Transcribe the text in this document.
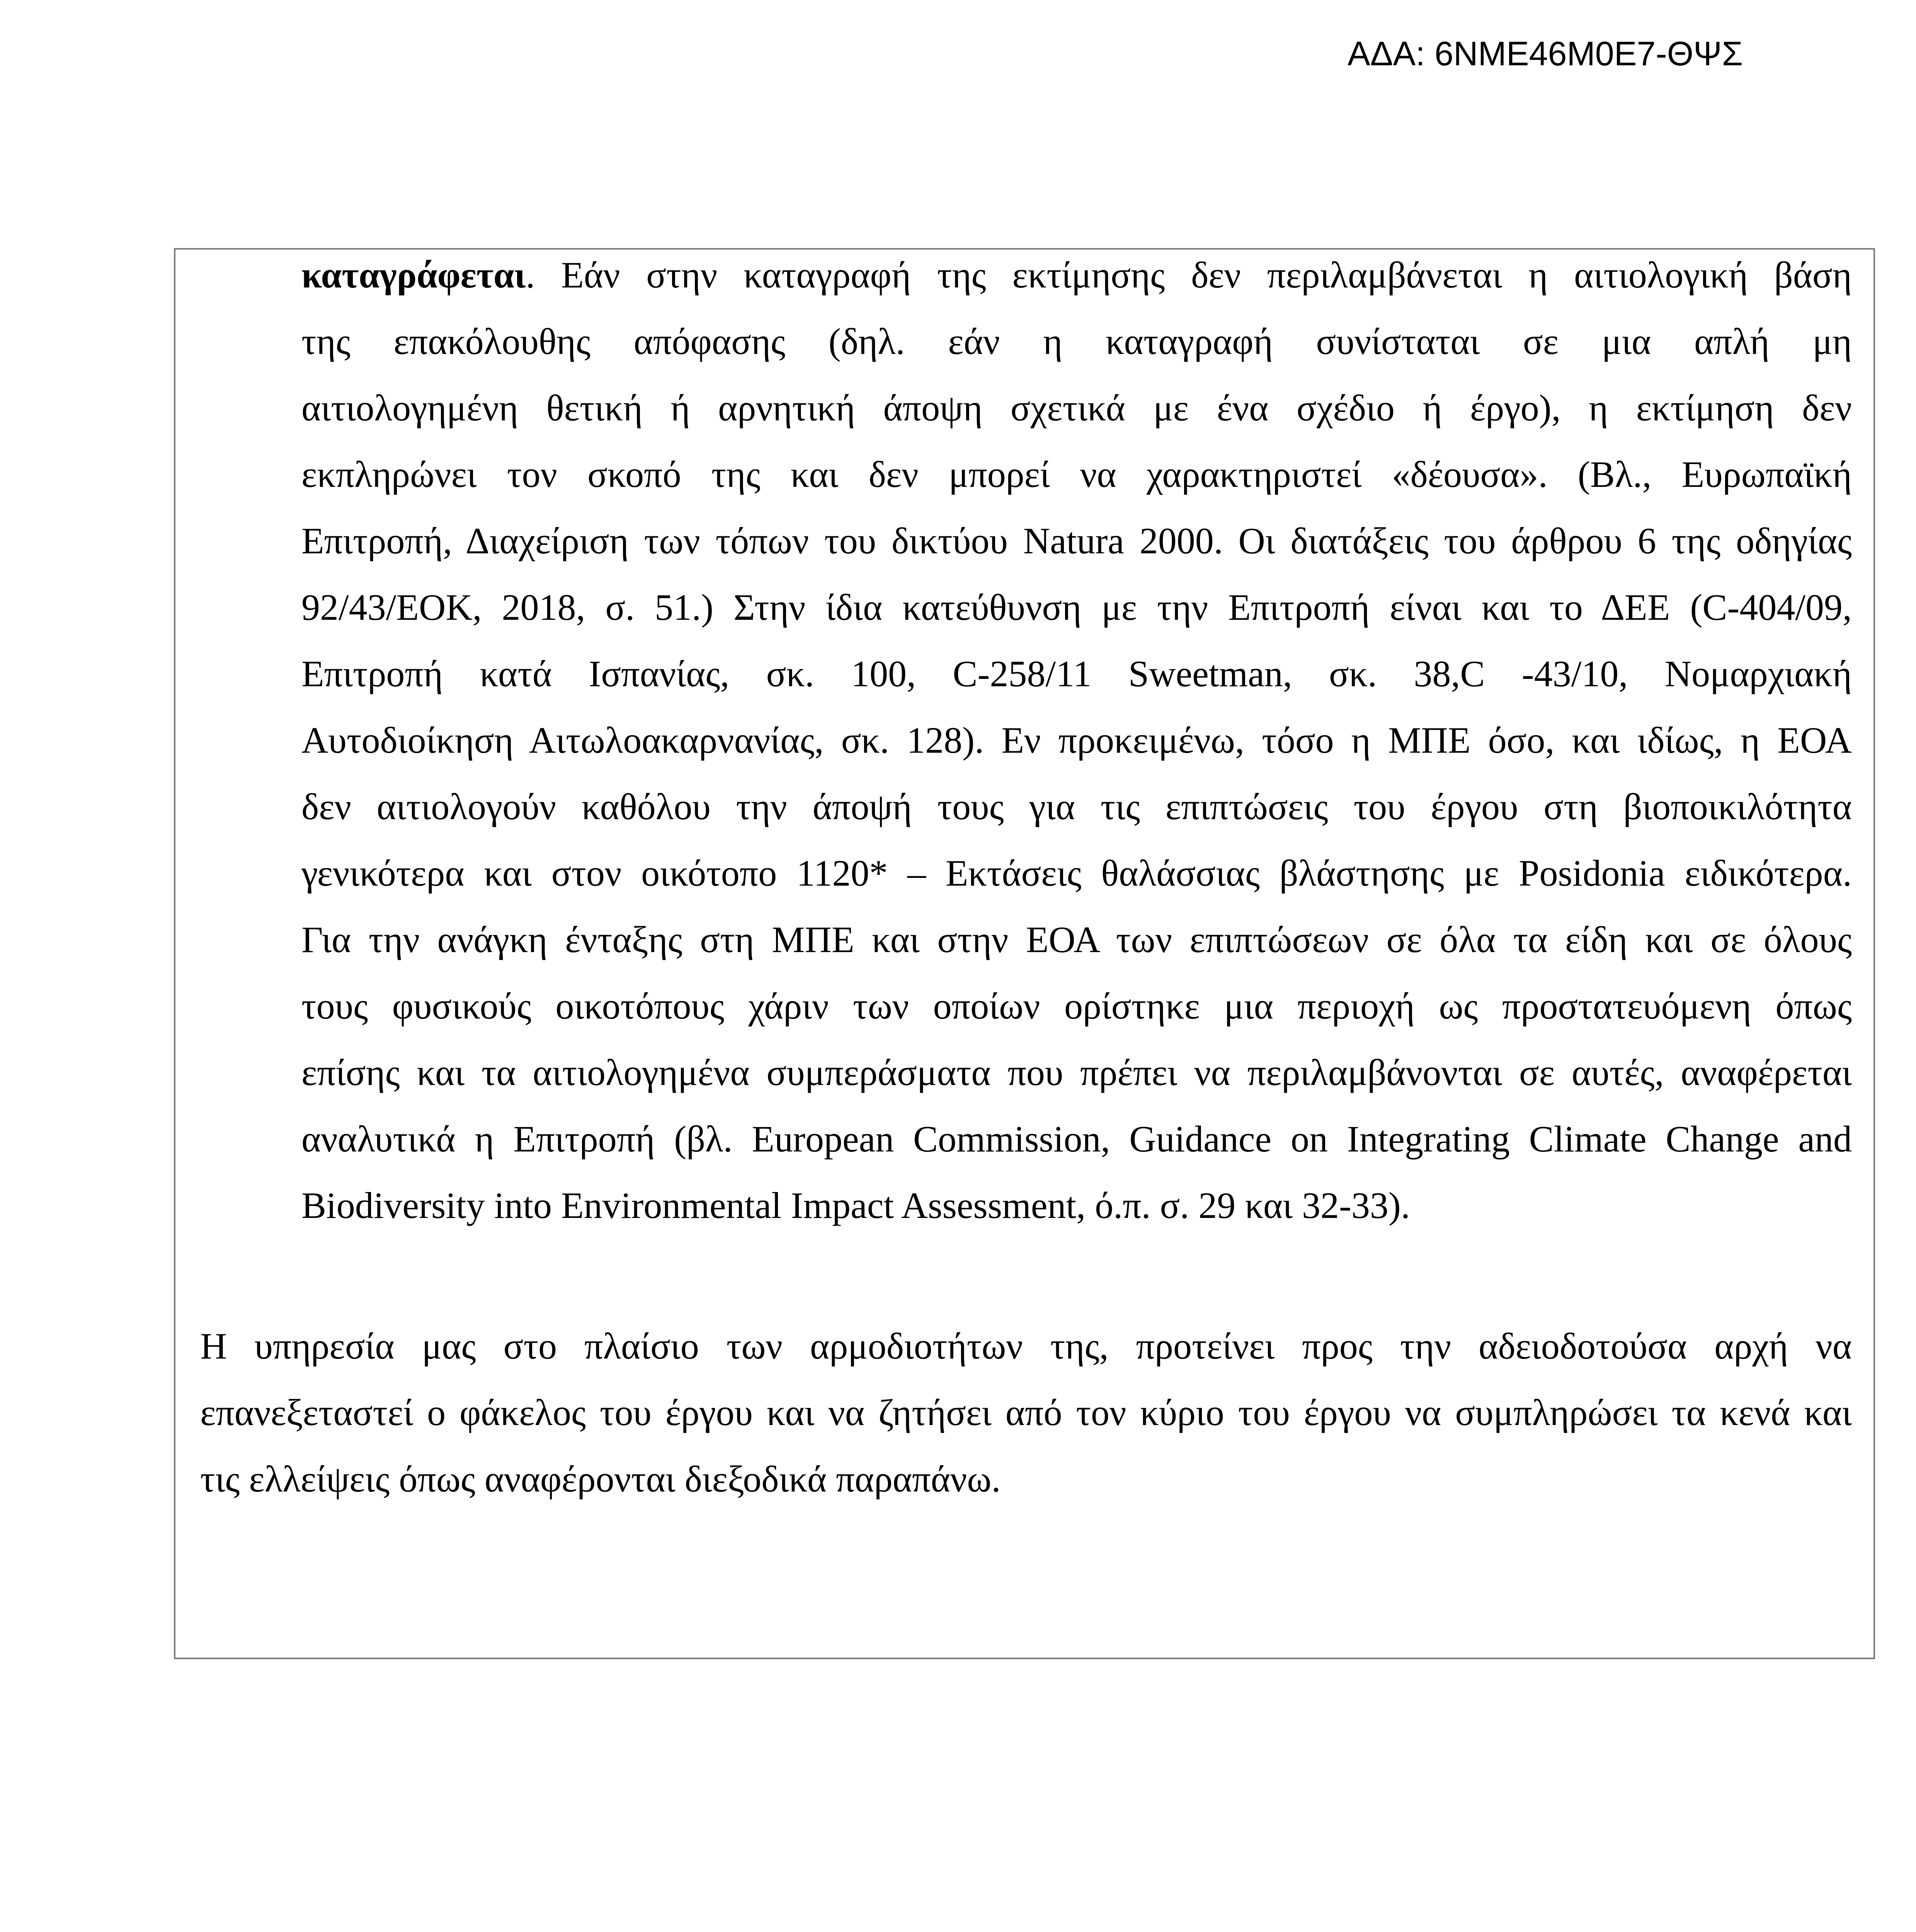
ΑΔΑ: 6ΝΜΕ46Μ0Ε7-ΘΨΣ
καταγράφεται. Εάν στην καταγραφή της εκτίμησης δεν περιλαμβάνεται η αιτιολογική βάση
της επακόλουθης απόφασης (δηλ. εάν η καταγραφή συνίσταται σε μια απλή μη
αιτιολογημένη θετική ή αρνητική άποψη σχετικά με ένα σχέδιο ή έργο), η εκτίμηση δεν
εκπληρώνει τον σκοπό της και δεν μπορεί να χαρακτηριστεί «δέουσα». (Βλ., Ευρωπαϊκή
Επιτροπή, Διαχείριση των τόπων του δικτύου Natura 2000. Οι διατάξεις του άρθρου 6 της οδηγίας
92/43/ΕΟΚ, 2018, σ. 51.) Στην ίδια κατεύθυνση με την Επιτροπή είναι και το ΔΕΕ (C-404/09,
Επιτροπή κατά Ισπανίας, σκ. 100, C-258/11 Sweetman, σκ. 38,C -43/10, Νομαρχιακή
Αυτοδιοίκηση Αιτωλοακαρνανίας, σκ. 128). Εν προκειμένω, τόσο η ΜΠΕ όσο, και ιδίως, η ΕΟΑ
δεν αιτιολογούν καθόλου την άποψή τους για τις επιπτώσεις του έργου στη βιοποικιλότητα
γενικότερα και στον οικότοπο 1120* – Εκτάσεις θαλάσσιας βλάστησης με Posidonia ειδικότερα.
Για την ανάγκη ένταξης στη ΜΠΕ και στην ΕΟΑ των επιπτώσεων σε όλα τα είδη και σε όλους
τους φυσικούς οικοτόπους χάριν των οποίων ορίστηκε μια περιοχή ως προστατευόμενη όπως
επίσης και τα αιτιολογημένα συμπεράσματα που πρέπει να περιλαμβάνονται σε αυτές, αναφέρεται
αναλυτικά η Επιτροπή (βλ. European Commission, Guidance on Integrating Climate Change and
Biodiversity into Environmental Impact Assessment, ό.π. σ. 29 και 32-33).
Η υπηρεσία μας στο πλαίσιο των αρμοδιοτήτων της, προτείνει προς την αδειοδοτούσα αρχή να
επανεξεταστεί ο φάκελος του έργου και να ζητήσει από τον κύριο του έργου να συμπληρώσει τα κενά και
τις ελλείψεις όπως αναφέρονται διεξοδικά παραπάνω.
